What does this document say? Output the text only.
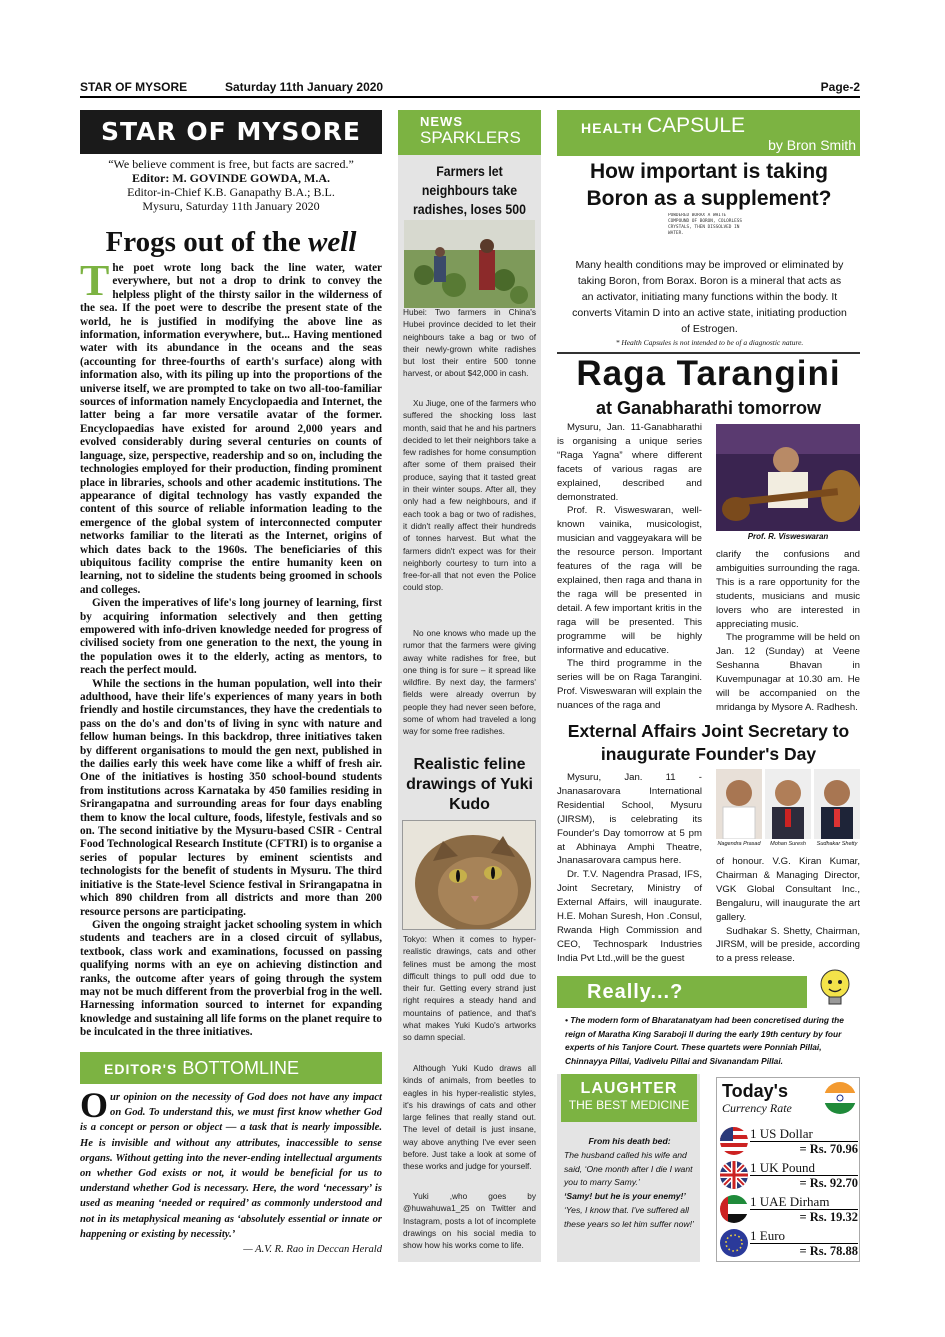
STAR OF MYSORE	Saturday 11th January 2020	Page-2
STAR OF MYSORE
“We believe comment is free, but facts are sacred.”
Editor: M. GOVINDE GOWDA, M.A.
Editor-in-Chief K.B. Ganapathy B.A.; B.L.
Mysuru, Saturday 11th January 2020
Frogs out of the well
T he poet wrote long back the line water, water everywhere, but not a drop to drink to convey the helpless plight of the thirsty sailor in the wilderness of the sea. If the poet were to describe the present state of the world, he is justified in modifying the above line as information, information everywhere, but... Having mentioned water with its abundance in the oceans and the seas (accounting for three-fourths of earth's surface) along with information also, with its piling up into the proportions of the universe itself, we are prompted to take on two all-too-familiar sources of information namely Encyclopaedia and Internet, the latter being a far more versatile avatar of the former. Encyclopaedias have existed for around 2,000 years and evolved considerably during several centuries on counts of language, size, perspective, readership and so on, including the technologies employed for their production, finding prominent place in libraries, schools and other academic institutions. The appearance of digital technology has vastly expanded the content of this source of reliable information leading to the emergence of the global system of interconnected computer networks familiar to the literati as the Internet, origins of which dates back to the 1960s. The beneficiaries of this ubiquitous facility comprise the entire humanity keen on learning, not to sideline the students being groomed in schools and colleges.

Given the imperatives of life's long journey of learning, first by acquiring information selectively and then getting empowered with info-driven knowledge needed for progress of civilised society from one generation to the next, the young in the population owes it to the elderly, acting as mentors, to reach the perfect mould.

While the sections in the human population, well into their adulthood, have their life's experiences of many years in both friendly and hostile circumstances, they have the credentials to pass on the do's and don'ts of living in sync with nature and fellow human beings. In this backdrop, three initiatives taken by different organisations to mould the gen next, published in the dailies early this week have come like a whiff of fresh air. One of the initiatives is hosting 350 school-bound students from institutions across Karnataka by 450 families residing in Srirangapatna and surrounding areas for four days enabling them to know the local culture, foods, lifestyle, festivals and so on. The second initiative by the Mysuru-based CSIR - Central Food Technological Research Institute (CFTRI) is to organise a series of popular lectures by eminent scientists and technologists for the benefit of students in Mysuru. The third initiative is the State-level Science festival in Srirangapatna in which 890 children from all districts and more than 200 resource persons are participating.

Given the ongoing straight jacket schooling system in which students and teachers are in a closed circuit of syllabus, textbook, class work and examinations, focussed on passing qualifying norms with an eye on achieving distinction and ranks, the outcome after years of going through the system may not be much different from the proverbial frog in the well. Harnessing information sourced to internet for expanding knowledge and sustaining all life forms on the planet require to be inculcated in the three initiatives.

EDITOR'S BOTTOMLINE
Our opinion on the necessity of God does not have any impact on God. To understand this, we must first know whether God is a concept or person or object — a task that is nearly impossible. He is invisible and without any attributes, inaccessible to sense organs. Without getting into the never-ending intellectual arguments on whether God exists or not, it would be beneficial for us to understand whether God is necessary. Here, the word ‘necessary’ is used as meaning ‘needed or required’ as commonly understood and not in its metaphysical meaning as ‘absolutely essential or innate or happening or existing by necessity.’
— A.V. R. Rao in Deccan Herald
NEWS
SPARKLERS
Farmers let neighbours take radishes, loses 500
Hubei: Two farmers in China's Hubei province decided to let their neighbours take a bag or two of their newly-grown white radishes but lost their entire 500 tonne harvest, or about $42,000 in cash.
Xu Jiuge, one of the farmers who suffered the shocking loss last month, said that he and his partners decided to let their neighbors take a few radishes for home consumption after some of them praised their produce, saying that it tasted great in their winter soups. After all, they only had a few neighbours, and if each took a bag or two of radishes, it didn't really affect their hundreds of tonnes harvest. But what the farmers didn't expect was for their neighborly courtesy to turn into a free-for-all that not even the Police could stop.
No one knows who made up the rumor that the farmers were giving away white radishes for free, but one thing is for sure – it spread like wildfire. By next day, the farmers' fields were already overrun by people they had never seen before, some of whom had traveled a long way for some free radishes.
Realistic feline drawings of Yuki Kudo
Tokyo: When it comes to hyper-realistic drawings, cats and other felines must be among the most difficult things to pull odd due to their fur. Getting every strand just right requires a steady hand and mountains of patience, and that's what makes Yuki Kudo's artworks so damn special.
Although Yuki Kudo draws all kinds of animals, from beetles to eagles in his hyper-realistic styles, it's his drawings of cats and other large felines that really stand out. The level of detail is just insane, way above anything I've ever seen before. Just take a look at some of these works and judge for yourself.
Yuki ,who goes by @huwahuwa1_25 on Twitter and Instagram, posts a lot of incomplete drawings on his social media to show how his works come to life.
HEALTH CAPSULE
by Bron Smith
How important is taking Boron as a supplement?
POWDERED BORAX A WHITE COMPOUND OF BORON, COLORLESS CRYSTALS, THEN DISSOLVED IN WATER.
Many health conditions may be improved or eliminated by taking Boron, from Borax. Boron is a mineral that acts as an activator, initiating many functions within the body. It converts Vitamin D into an active state, initiating production of Estrogen.
* Health Capsules is not intended to be of a diagnostic nature.
Raga Tarangini
at Ganabharathi tomorrow
Prof. R. Visweswaran

Mysuru, Jan. 11-Ganabharathi is organising a unique series “Raga Yagna” where different facets of various ragas are explained, described and demonstrated.

Prof. R. Visweswaran, well-known vainika, musicologist, musician and vaggeyakara will be the resource person. Important features of the raga will be explained, then raga and thana in the raga will be presented in detail. A few important kritis in the raga will be presented. This programme will be highly informative and educative.

The third programme in the series will be on Raga Tarangini. Prof. Visweswaran will explain the nuances of the raga and

clarify the confusions and ambiguities surrounding the raga. This is a rare opportunity for the students, musicians and music lovers who are interested in appreciating music.

The programme will be held on Jan. 12 (Sunday) at Veene Seshanna Bhavan in Kuvempunagar at 10.30 am. He will be accompanied on the mridanga by Mysore A. Radhesh.

External Affairs Joint Secretary to inaugurate Founder's Day

Mysuru, Jan. 11 - Jnanasarovara International Residential School, Mysuru (JIRSM), is celebrating its Founder's Day tomorrow at 5 pm at Abhinaya Amphi Theatre, Jnanasarovara campus here.

Dr. T.V. Nagendra Prasad, IFS, Joint Secretary, Ministry of External Affairs, will inaugurate. H.E. Mohan Suresh, Hon .Consul, Rwanda High Commission and CEO, Technospark Industries India Pvt Ltd.,will be the guest

Nagendra Prasad	Mohan Suresh	Sudhakar Shetty

of honour. V.G. Kiran Kumar, Chairman & Managing Director, VGK Global Consultant Inc., Bengaluru, will inaugurate the art gallery.

Sudhakar S. Shetty, Chairman, JIRSM, will be preside, according to a press release.

Really...?
• The modern form of Bharatanatyam had been concretised during the reign of Maratha King Saraboji II during the early 19th century by four experts of his Tanjore Court. These quartets were Ponniah Pillai, Chinnayya Pillai, Vadivelu Pillai and Sivanandam Pillai.
LAUGHTER
THE BEST MEDICINE
From his death bed:
The husband called his wife and said, ‘One month after I die I want you to marry Samy.’
‘Samy! but he is your enemy!’
‘Yes, I know that. I've suffered all these years so let him suffer now!’
Today's
Currency Rate
1 US Dollar
= Rs. 70.96
1 UK Pound
= Rs. 92.70
1 UAE Dirham
= Rs. 19.32
1 Euro
= Rs. 78.88
